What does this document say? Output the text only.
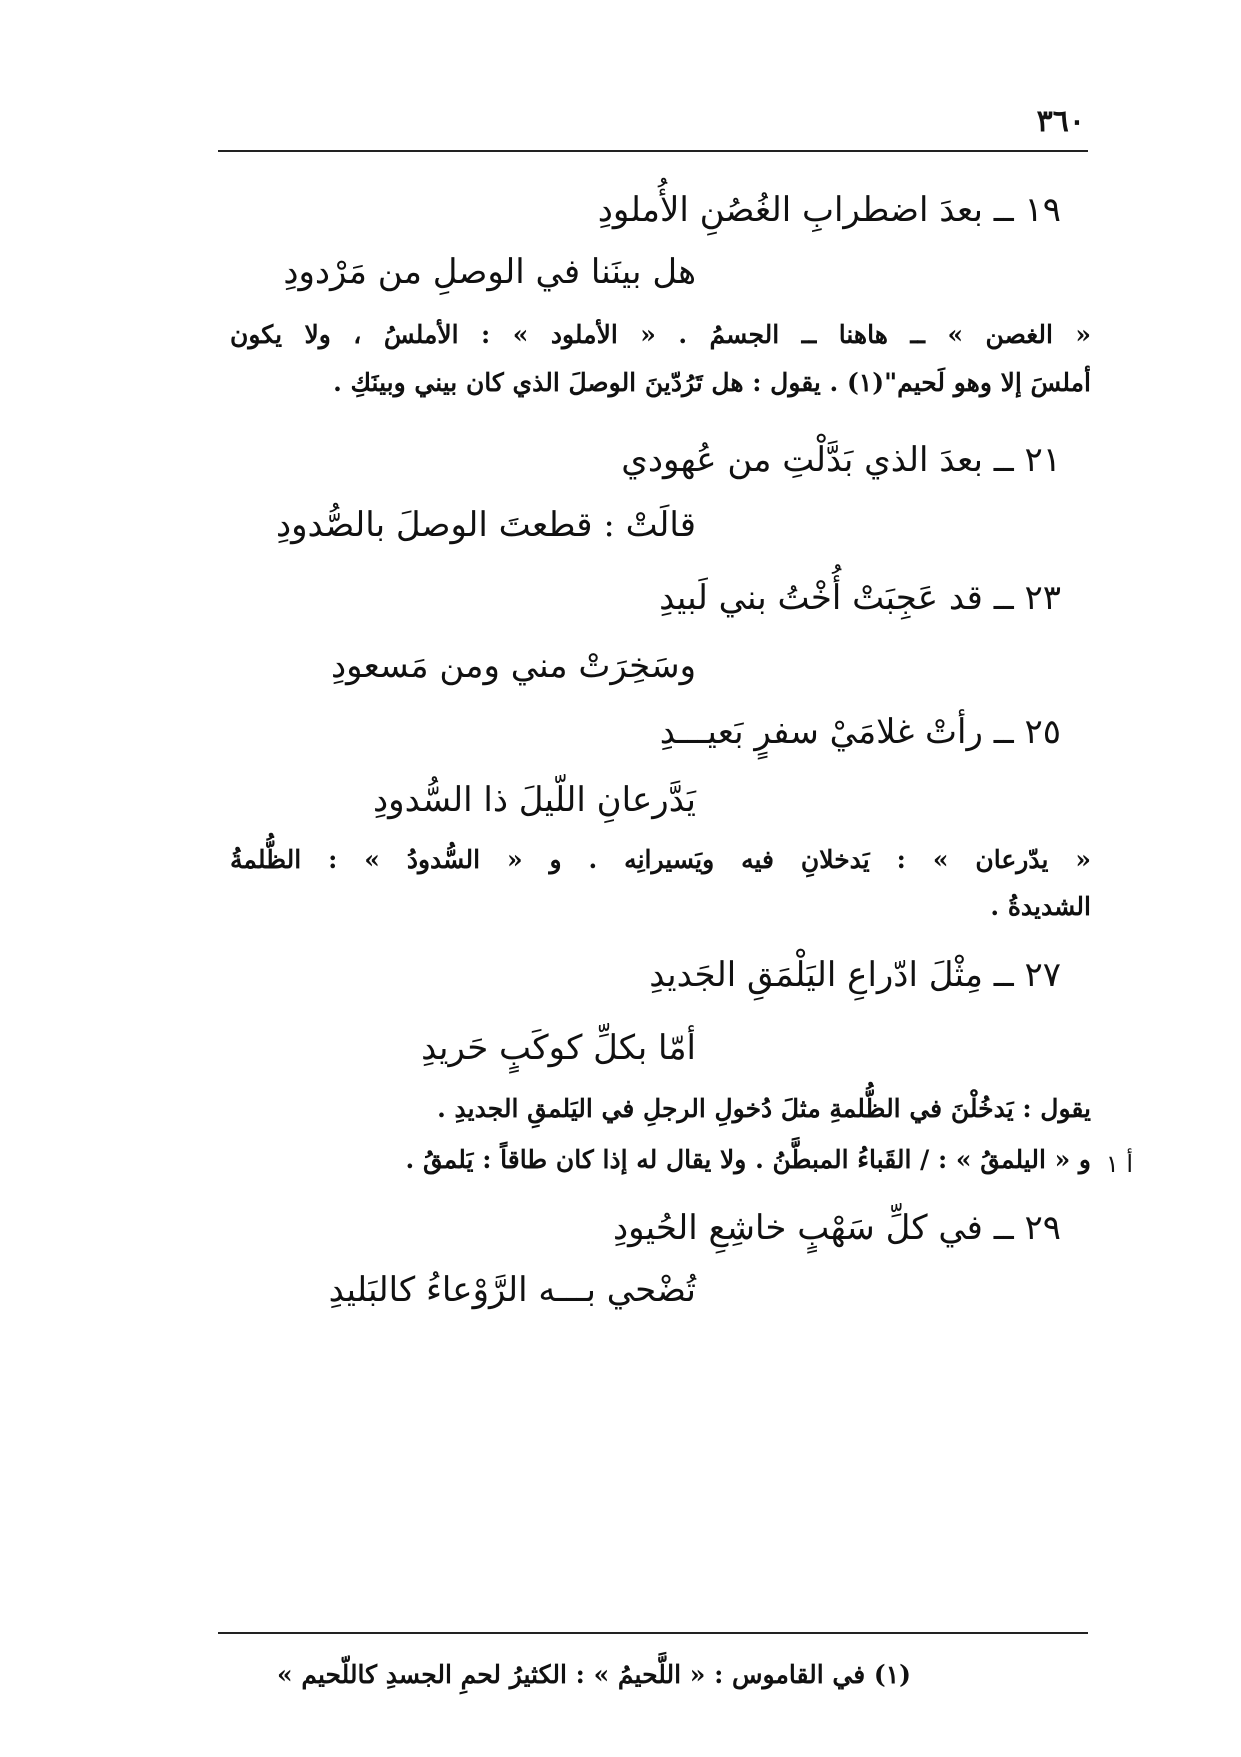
٣٦٠
١٩ ــ بعدَ اضطرابِ الغُصُنِ الأُملودِ
هل بينَنا في الوصلِ من مَرْدودِ
« الغصن » ــ هاهنا ــ الجسمُ . « الأملود » : الأملسُ ، ولا يكون
أملسَ إلا وهو لَحيم"(١) . يقول : هل تَرُدّينَ الوصلَ الذي كان بيني وبينَكِ .
٢١ ــ بعدَ الذي بَدَّلْتِ من عُهودي
قالَتْ : قطعتَ الوصلَ بالصُّدودِ
٢٣ ــ قد عَجِبَتْ أُخْتُ بني لَبيدِ
وسَخِرَتْ مني ومن مَسعودِ
٢٥ ــ رأتْ غلامَيْ سفرٍ بَعيـــدِ
يَدَّرعانِ اللّيلَ ذا السُّدودِ
« يدّرعان » : يَدخلانِ فيه ويَسيرانِه . و « السُّدودُ » : الظُّلمةُ
الشديدةُ .
٢٧ ــ مِثْلَ ادّراعِ اليَلْمَقِ الجَديدِ
أمّا بكلِّ كوكَبٍ حَريدِ
يقول : يَدخُلْنَ في الظُّلمةِ مثلَ دُخولِ الرجلِ في اليَلمقِ الجديدِ .
و « اليلمقُ » : / القَباءُ المبطَّنُ . ولا يقال له إذا كان طاقاً : يَلمقُ .
٢٩ ــ في كلِّ سَهْبٍ خاشِعِ الحُيودِ
تُضْحي بـــه الرَّوْعاءُ كالبَليدِ
أ ١
(١) في القاموس : « اللَّحيمُ » : الكثيرُ لحمِ الجسدِ كاللّحيم »
